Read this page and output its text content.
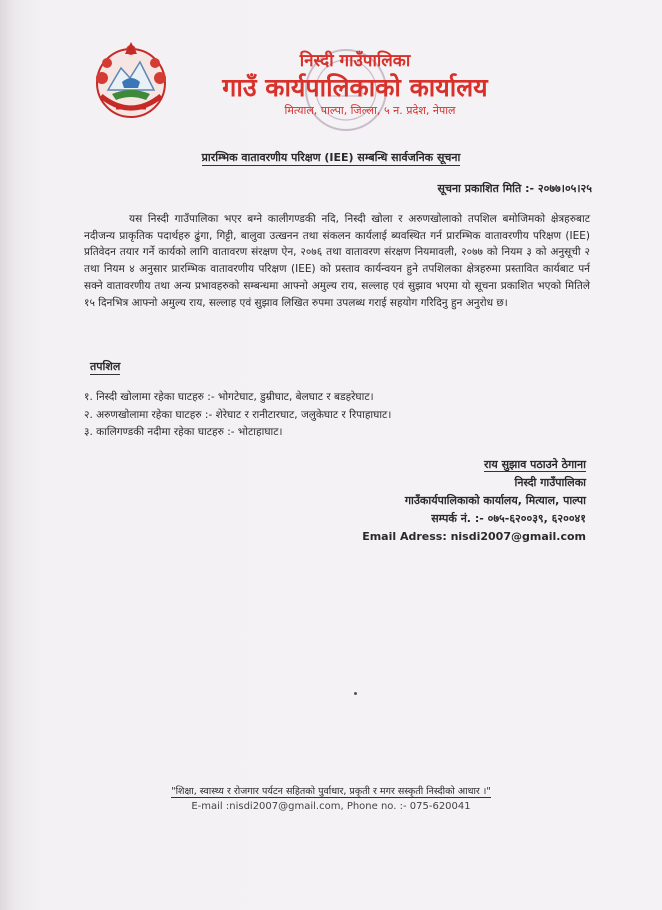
निस्दी गाउँपालिका
गाउँ कार्यपालिकाको कार्यालय
मित्याल, पाल्पा, जिल्ला, ५ न. प्रदेश, नेपाल
प्रारम्भिक वातावरणीय परिक्षण (IEE) सम्बन्धि सार्वजनिक सूचना
सूचना प्रकाशित मिति :- २०७७।०५।२५
यस निस्दी गाउँपालिका भएर बग्ने कालीगण्डकी नदि, निस्दी खोला र अरुणखोलाको तपशिल बमोजिमको क्षेत्रहरुबाट नदीजन्य प्राकृतिक पदार्थहरु ढुंगा, गिट्टी, बालुवा उत्खनन तथा संकलन कार्यलाई ब्यवस्थित गर्न प्रारम्भिक वातावरणीय परिक्षण (IEE) प्रतिवेदन तयार गर्ने कार्यको लागि वातावरण संरक्षण ऐन, २०७६ तथा वातावरण संरक्षण नियमावली, २०७७ को नियम ३ को अनुसूची २ तथा नियम ४ अनुसार प्रारम्भिक वातावरणीय परिक्षण (IEE) को प्रस्ताव कार्यन्वयन हुने तपशिलका क्षेत्रहरुमा प्रस्तावित कार्यबाट पर्न सक्ने वातावरणीय तथा अन्य प्रभावहरुको सम्बन्धमा आफ्नो अमुल्य राय, सल्लाह एवं सुझाव भएमा यो सूचना प्रकाशित भएको मितिले १५ दिनभित्र आफ्नो अमुल्य राय, सल्लाह एवं सुझाव लिखित रुपमा उपलब्ध गराई सहयोग गरिदिनु हुन अनुरोध छ।
तपशिल
१. निस्दी खोलामा रहेका घाटहरु :- भोगटेघाट, डुम्रीघाट, बेलघाट र बडहरेघाट।
२. अरुणखोलामा रहेका घाटहरु :- शेरेघाट र रानीटारघाट, जलुकेघाट र रिपाहाघाट।
३. कालिगण्डकी नदीमा रहेका घाटहरु :- भोटाहाघाट।
राय सुझाव पठाउने ठेगाना
निस्दी गाउँपालिका
गाउँकार्यपालिकाको कार्यालय, मित्याल, पाल्पा
सम्पर्क नं. :- ०७५-६२००३९, ६२००४१
Email Adress: nisdi2007@gmail.com
"शिक्षा, स्वास्थ्य र रोजगार पर्यटन सहितको पुर्वाधार, प्रकृती र मगर सस्कृती निस्दीको आधार ।"
E-mail :nisdi2007@gmail.com, Phone no. :- 075-620041
